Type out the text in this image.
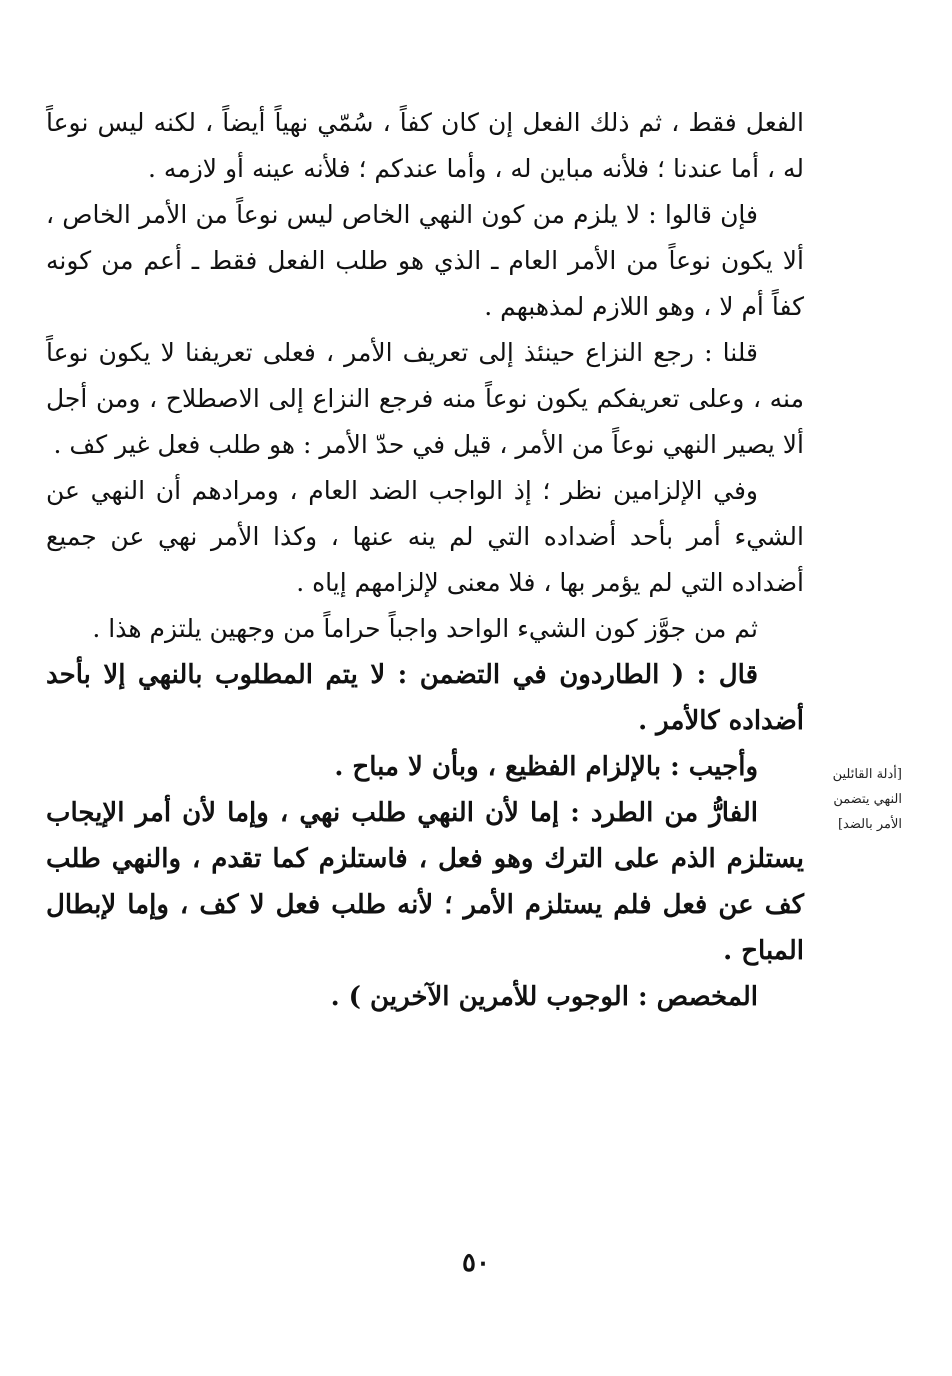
الفعل فقط ، ثم ذلك الفعل إن كان كفاً ، سُمّي نهياً أيضاً ، لكنه ليس نوعاً له ، أما عندنا ؛ فلأنه مباين له ، وأما عندكم ؛ فلأنه عينه أو لازمه .

فإن قالوا : لا يلزم من كون النهي الخاص ليس نوعاً من الأمر الخاص ، ألا يكون نوعاً من الأمر العام ـ الذي هو طلب الفعل فقط ـ أعم من كونه كفاً أم لا ، وهو اللازم لمذهبهم .

قلنا : رجع النزاع حينئذ إلى تعريف الأمر ، فعلى تعريفنا لا يكون نوعاً منه ، وعلى تعريفكم يكون نوعاً منه فرجع النزاع إلى الاصطلاح ، ومن أجل ألا يصير النهي نوعاً من الأمر ، قيل في حدّ الأمر : هو طلب فعل غير كف .

وفي الإلزامين نظر ؛ إذ الواجب الضد العام ، ومرادهم أن النهي عن الشيء أمر بأحد أضداده التي لم ينه عنها ، وكذا الأمر نهي عن جميع أضداده التي لم يؤمر بها ، فلا معنى لإلزامهم إياه .

ثم من جوَّز كون الشيء الواحد واجباً حراماً من وجهين يلتزم هذا .

قال : ( الطاردون في التضمن : لا يتم المطلوب بالنهي إلا بأحد أضداده كالأمر .

وأجيب : بالإلزام الفظيع ، وبأن لا مباح .

الفارُّ من الطرد : إما لأن النهي طلب نهي ، وإما لأن أمر الإيجاب يستلزم الذم على الترك وهو فعل ، فاستلزم كما تقدم ، والنهي طلب كف عن فعل فلم يستلزم الأمر ؛ لأنه طلب فعل لا كف ، وإما لإبطال المباح .

المخصص : الوجوب للأمرين الآخرين ) .

[أدلة القائلين
النهي يتضمن
الأمر بالضد]
٥٠
